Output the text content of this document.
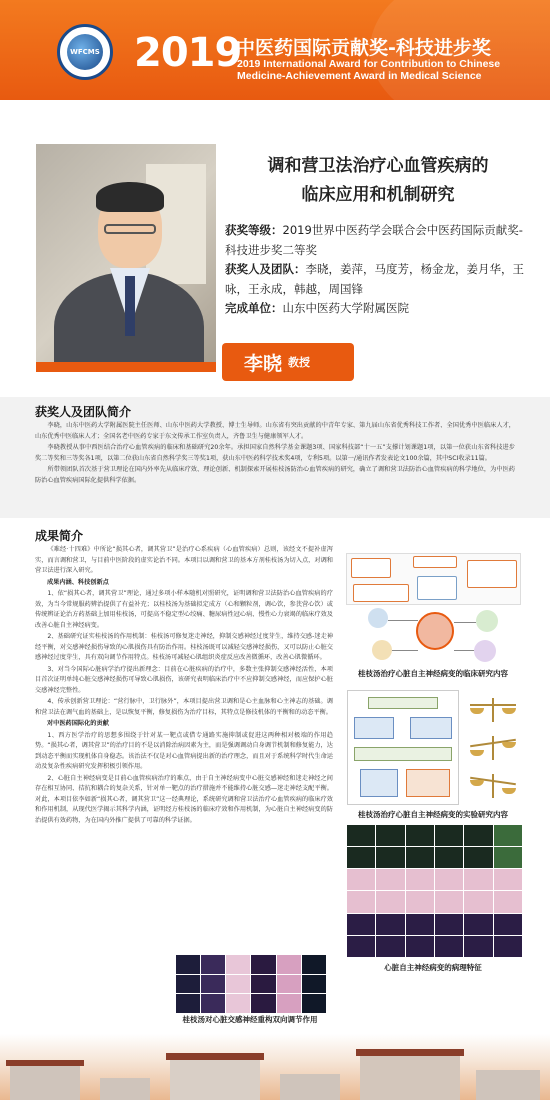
WFCMS 2019
中医药国际贡献奖-科技进步奖
2019 International Award for Contribution to Chinese Medicine-Achievement Award in Medical Science
调和营卫法治疗心血管疾病的
临床应用和机制研究
获奖等级：2019世界中医药学会联合会中医药国际贡献奖-科技进步奖二等奖
获奖人及团队：李晓，姜萍，马度芳，杨金龙，姜月华，王咏，王永成，韩越，周国锋
完成单位：山东中医药大学附属医院
李晓 教授
获奖人及团队简介

李晓，山东中医药大学附属医院主任医师、山东中医药大学教授、博士生导师。山东省有突出贡献的中青年专家、第九届山东省优秀科技工作者、全国优秀中医临床人才，山东优秀中医临床人才；全国名老中医药专家于东文传承工作室负责人，齐鲁卫生与健康领军人才。

李晓教授从事中西医结合治疗心血管疾病的临床和基础研究20余年。承担国家自然科学基金课题3项、国家科技部“十一五”支撑计划课题1项，以第一位获山东省科技进步奖二等奖和三等奖各1项，以第二位获山东省自然科学奖三等奖1项，获山东中医药科学技术奖4项，专利5项。以第一/通讯作者发表论文100余篇，其中SCI收录11篇。

所带领团队首次基于营卫理论在国内外率先从临床疗效、理论创新、机制探索开展桂枝汤防治心血管疾病的研究，确立了调和营卫法防治心血管疾病的科学地位，为中医药防治心血管疾病国际化提供科学依据。

成果简介

《难经·十四难》中所论“损其心者，调其营卫”是治疗心系疾病（心血管疾病）总则，该经文不提补虚泻实，而言调和营卫，与目前中医阶段的虚实论治不同。本项目以调和营卫的基本方剂桂枝汤为切入点，对调和营卫法进行深入研究。

成果内涵、科技创新点

1、依“损其心者，调其营卫”理论，通过多项小样本随机对照研究，证明调和营卫法防治心血管疾病的疗效，为当今常规服药辨治提供了有益补充；以桂枝汤为基础拟定成方（心和颗粒剂，调心饮，参芪营心饮）或传统辨证论治方药基础上加用桂枝汤，可提高不稳定型心绞痛、糖尿病性冠心病、慢性心力衰竭的临床疗效及改善心脏自主神经病变。

2、基础研究证实桂枝汤的作用机制：桂枝汤可修复迷走神经，抑制交感神经过度芽生，维持交感-迷走神经平衡，对交感神经损伤导致的心肌损伤具有防治作用。桂枝汤既可以减轻交感神经损伤，又可以防止心脏交感神经过度芽生，具有双向调节作用特点。桂枝汤可减轻心肌组织炎症反应改善微循环，改善心肌微循环。

3、对当今国际心脏病学治疗提出新理念：目前在心脏疾病的治疗中，多数主张抑制交感神经活性，本项目首次证明单纯心脏交感神经损伤可导致心肌损伤，该研究表明临床治疗中不应抑制交感神经，而应保护心脏交感神经完整性。

4、传承创新营卫理论：“营行脉中，卫行脉外”，本项目提出营卫调和是心主血脉和心主神志的基础。调和营卫法在调气血的基础上，是以恢复平衡，修复损伤为治疗目标，其特点是修技机体的平衡和的动态平衡。

对中医药国际化的贡献

1、西方医学治疗的思想多围绕于针对某一靶点或借专通路实施抑制或促进这两种相对极端的作用趋势。“损其心者，调其营卫”的治疗目的不是以消除治病因素为主，而是强调调动自身调节机制和修复能力，达到动态平衡而实现机体自身稳态。该治法不仅是对心血管病提出新的治疗理念，而且对于系统科学时代生命运动及复杂性疾病研究发挥积极引领作用。

2、心脏自主神经病变是目前心血管疾病治疗的难点，由于自主神经病变中心脏交感神经和迷走神经之间存在相互协同、拮抗和耦合的复杂关系，针对单一靶点的治疗措施并不能维持心脏交感—迷走神经支配平衡。对此，本项目依李如新“损其心者，调其营卫”这一经典理论，系统研究调和营卫法治疗心血管疾病的临床疗效和作用机制，从现代医学揭示其科学内涵，证明经方桂枝汤的临床疗效和作用机制，为心脏自主神经病变的防治提供有效药物，为在国内外推广提供了可靠的科学证据。

桂枝汤治疗心脏自主神经病变的临床研究内容
桂枝汤治疗心脏自主神经病变的实验研究内容
心脏自主神经病变的病理特征
桂枝汤对心脏交感神经重构双向调节作用
